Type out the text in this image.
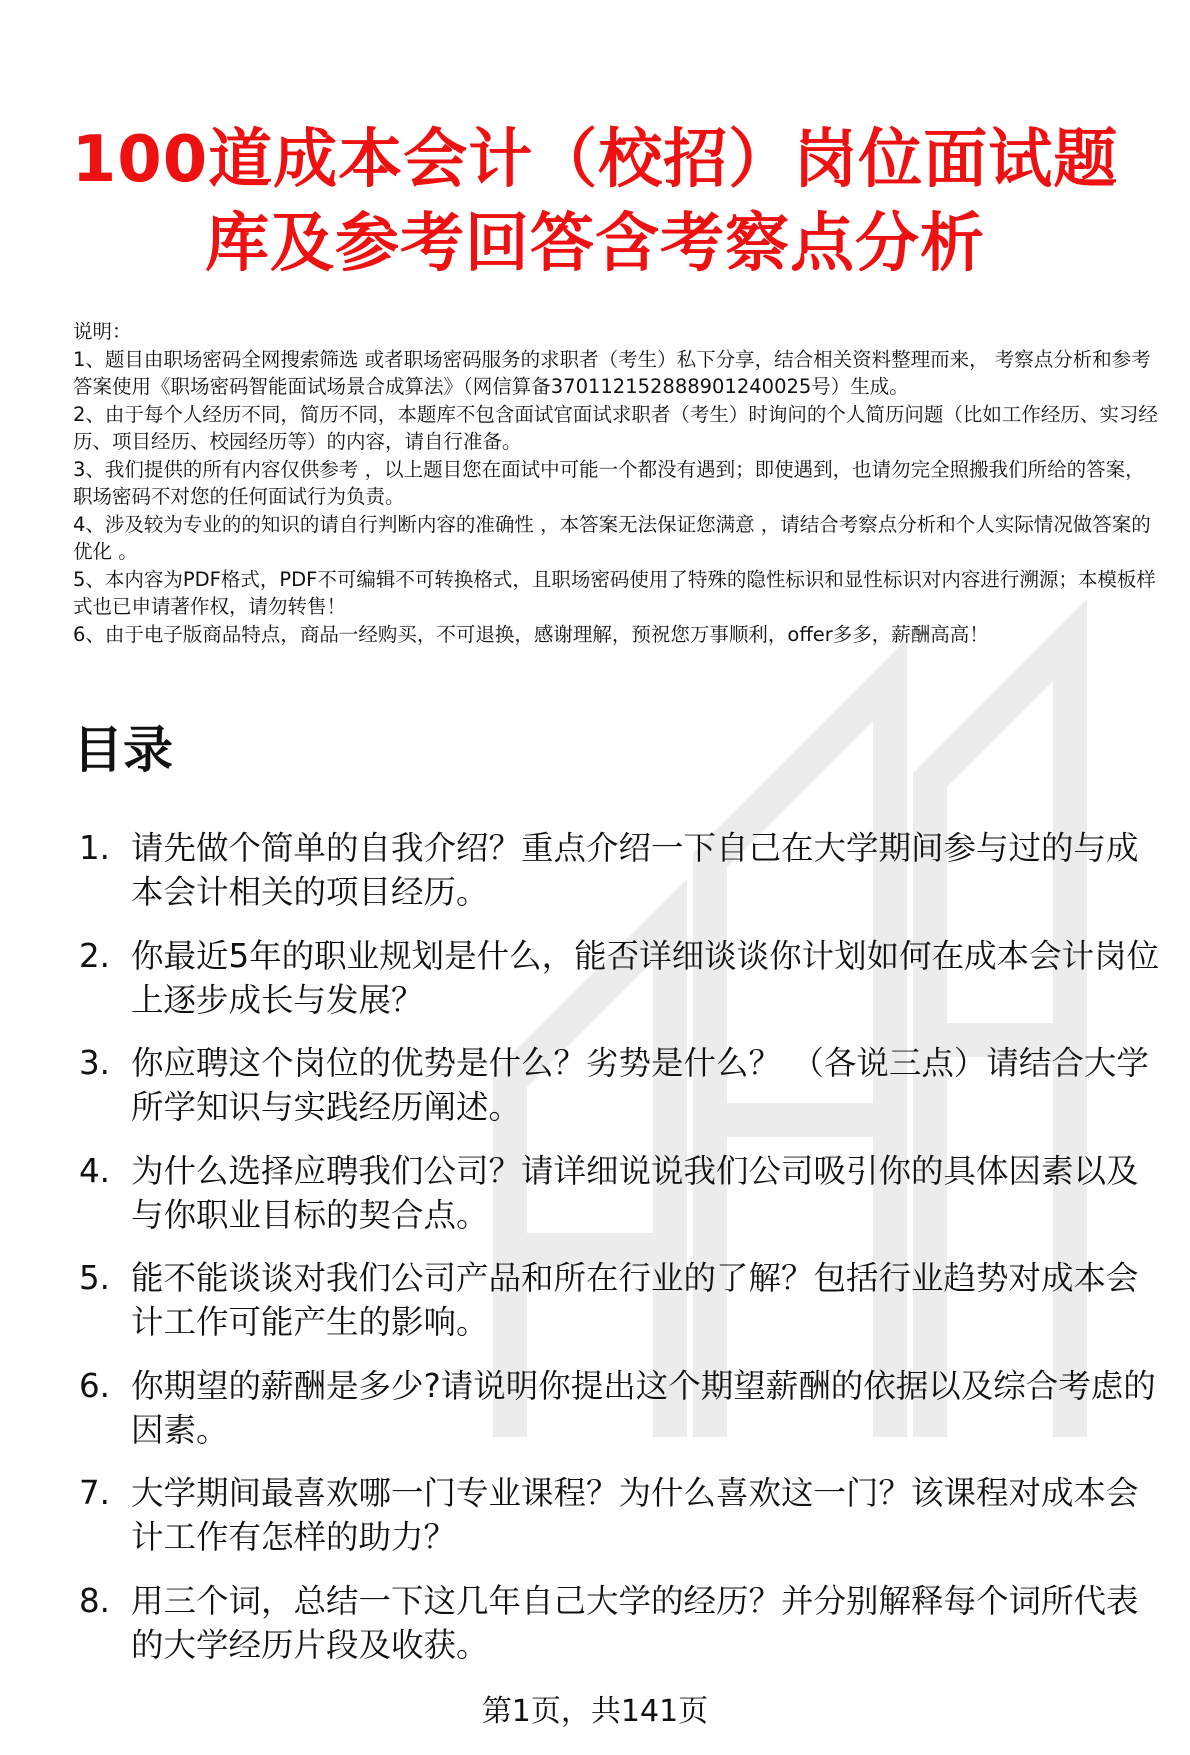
100道成本会计（校招）岗位面试题
库及参考回答含考察点分析
说明：
1、题目由职场密码全网搜索筛选 或者职场密码服务的求职者（考生）私下分享，结合相关资料整理而来， 考察点分析和参考答案使用《职场密码智能面试场景合成算法》（网信算备370112152888901240025号）生成。
2、由于每个人经历不同，简历不同，本题库不包含面试官面试求职者（考生）时询问的个人简历问题（比如工作经历、实习经历、项目经历、校园经历等）的内容，请自行准备。
3、我们提供的所有内容仅供参考 ，以上题目您在面试中可能一个都没有遇到；即使遇到，也请勿完全照搬我们所给的答案，职场密码不对您的任何面试行为负责。
4、涉及较为专业的的知识的请自行判断内容的准确性 ，本答案无法保证您满意 ，请结合考察点分析和个人实际情况做答案的优化 。
5、本内容为PDF格式，PDF不可编辑不可转换格式，且职场密码使用了特殊的隐性标识和显性标识对内容进行溯源；本模板样式也已申请著作权，请勿转售！
6、由于电子版商品特点，商品一经购买，不可退换，感谢理解，预祝您万事顺利，offer多多，薪酬高高！
目录
1. 请先做个简单的自我介绍？重点介绍一下自己在大学期间参与过的与成本会计相关的项目经历。
2. 你最近5年的职业规划是什么，能否详细谈谈你计划如何在成本会计岗位上逐步成长与发展？
3. 你应聘这个岗位的优势是什么？劣势是什么？ （各说三点）请结合大学所学知识与实践经历阐述。
4. 为什么选择应聘我们公司？请详细说说我们公司吸引你的具体因素以及与你职业目标的契合点。
5. 能不能谈谈对我们公司产品和所在行业的了解？包括行业趋势对成本会计工作可能产生的影响。
6. 你期望的薪酬是多少?请说明你提出这个期望薪酬的依据以及综合考虑的因素。
7. 大学期间最喜欢哪一门专业课程？为什么喜欢这一门？该课程对成本会计工作有怎样的助力？
8. 用三个词，总结一下这几年自己大学的经历？并分别解释每个词所代表的大学经历片段及收获。
第1页，共141页
